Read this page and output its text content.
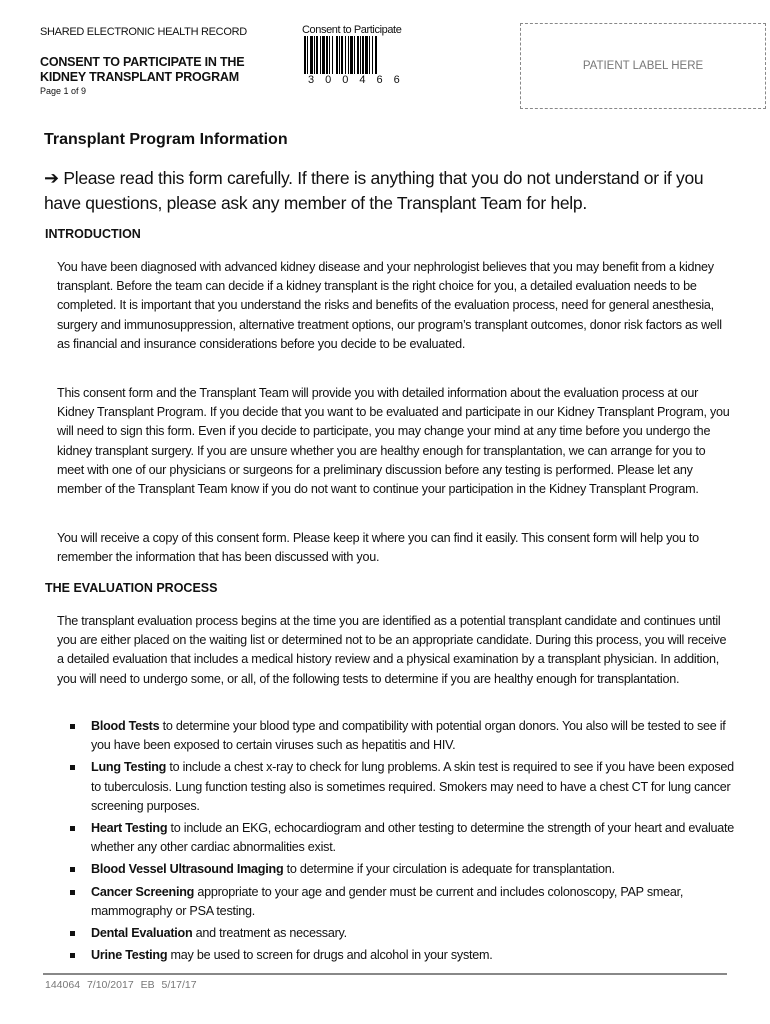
SHARED ELECTRONIC HEALTH RECORD
CONSENT TO PARTICIPATE IN THE
KIDNEY TRANSPLANT PROGRAM
Page 1 of 9
Consent to Participate
300466
PATIENT LABEL HERE
Transplant Program Information
➔ Please read this form carefully. If there is anything that you do not understand or if you have questions, please ask any member of the Transplant Team for help.
INTRODUCTION
You have been diagnosed with advanced kidney disease and your nephrologist believes that you may benefit from a kidney transplant. Before the team can decide if a kidney transplant is the right choice for you, a detailed evaluation needs to be completed. It is important that you understand the risks and benefits of the evaluation process, need for general anesthesia, surgery and immunosuppression, alternative treatment options, our program’s transplant outcomes, donor risk factors as well as financial and insurance considerations before you decide to be evaluated.
This consent form and the Transplant Team will provide you with detailed information about the evaluation process at our Kidney Transplant Program. If you decide that you want to be evaluated and participate in our Kidney Transplant Program, you will need to sign this form. Even if you decide to participate, you may change your mind at any time before you undergo the kidney transplant surgery. If you are unsure whether you are healthy enough for transplantation, we can arrange for you to meet with one of our physicians or surgeons for a preliminary discussion before any testing is performed. Please let any member of the Transplant Team know if you do not want to continue your participation in the Kidney Transplant Program.
You will receive a copy of this consent form. Please keep it where you can find it easily. This consent form will help you to remember the information that has been discussed with you.
THE EVALUATION PROCESS
The transplant evaluation process begins at the time you are identified as a potential transplant candidate and continues until you are either placed on the waiting list or determined not to be an appropriate candidate. During this process, you will receive a detailed evaluation that includes a medical history review and a physical examination by a transplant physician. In addition, you will need to undergo some, or all, of the following tests to determine if you are healthy enough for transplantation.
Blood Tests to determine your blood type and compatibility with potential organ donors. You also will be tested to see if you have been exposed to certain viruses such as hepatitis and HIV.
Lung Testing to include a chest x-ray to check for lung problems. A skin test is required to see if you have been exposed to tuberculosis. Lung function testing also is sometimes required. Smokers may need to have a chest CT for lung cancer screening purposes.
Heart Testing to include an EKG, echocardiogram and other testing to determine the strength of your heart and evaluate whether any other cardiac abnormalities exist.
Blood Vessel Ultrasound Imaging to determine if your circulation is adequate for transplantation.
Cancer Screening appropriate to your age and gender must be current and includes colonoscopy, PAP smear, mammography or PSA testing.
Dental Evaluation and treatment as necessary.
Urine Testing may be used to screen for drugs and alcohol in your system.
144064 7/10/2017 EB 5/17/17
